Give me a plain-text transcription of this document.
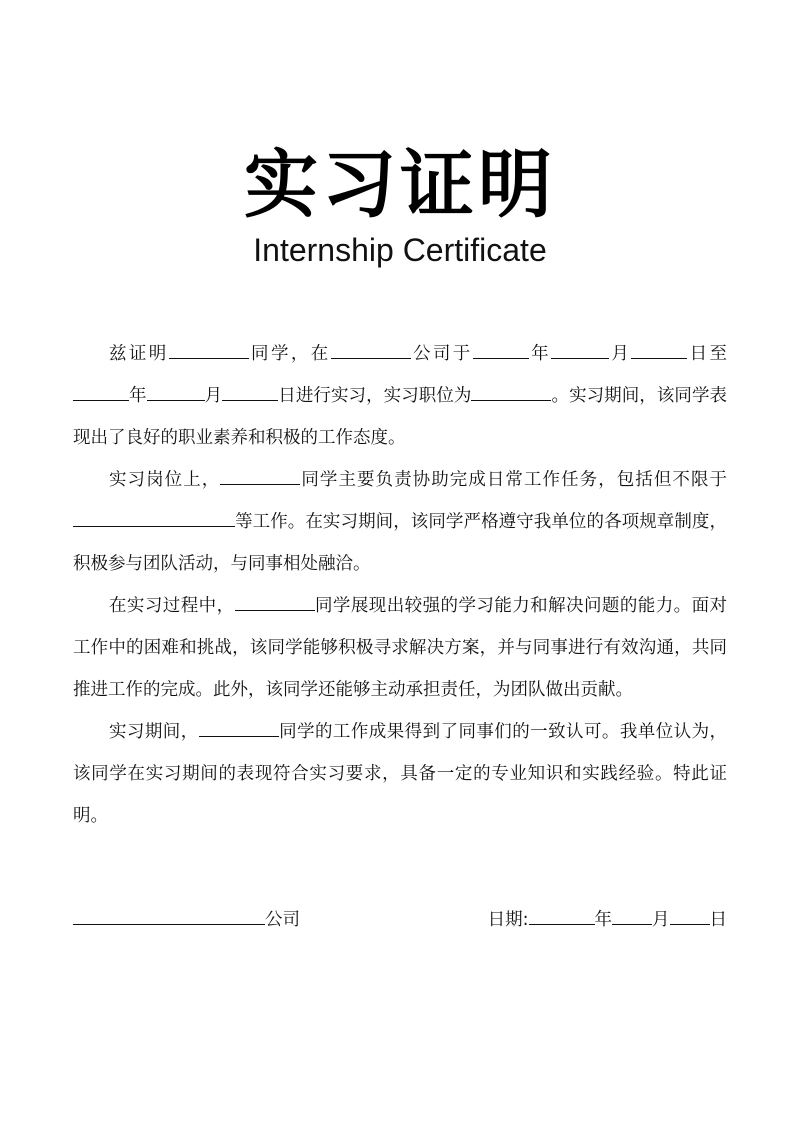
实习证明
Internship Certificate

兹证明	同学，在	公司于	年	月	日至年	月	日进行实习，实习职位为	。实习期间，该同学表现出了良好的职业素养和积极的工作态度。

实习岗位上，	同学主要负责协助完成日常工作任务，包括但不限于等工作。在实习期间，该同学严格遵守我单位的各项规章制度，积极参与团队活动，与同事相处融洽。

在实习过程中，	同学展现出较强的学习能力和解决问题的能力。面对工作中的困难和挑战，该同学能够积极寻求解决方案，并与同事进行有效沟通，共同推进工作的完成。此外，该同学还能够主动承担责任，为团队做出贡献。

实习期间，	同学的工作成果得到了同事们的一致认可。我单位认为，该同学在实习期间的表现符合实习要求，具备一定的专业知识和实践经验。特此证明。

公司	日期:	年 月 日
